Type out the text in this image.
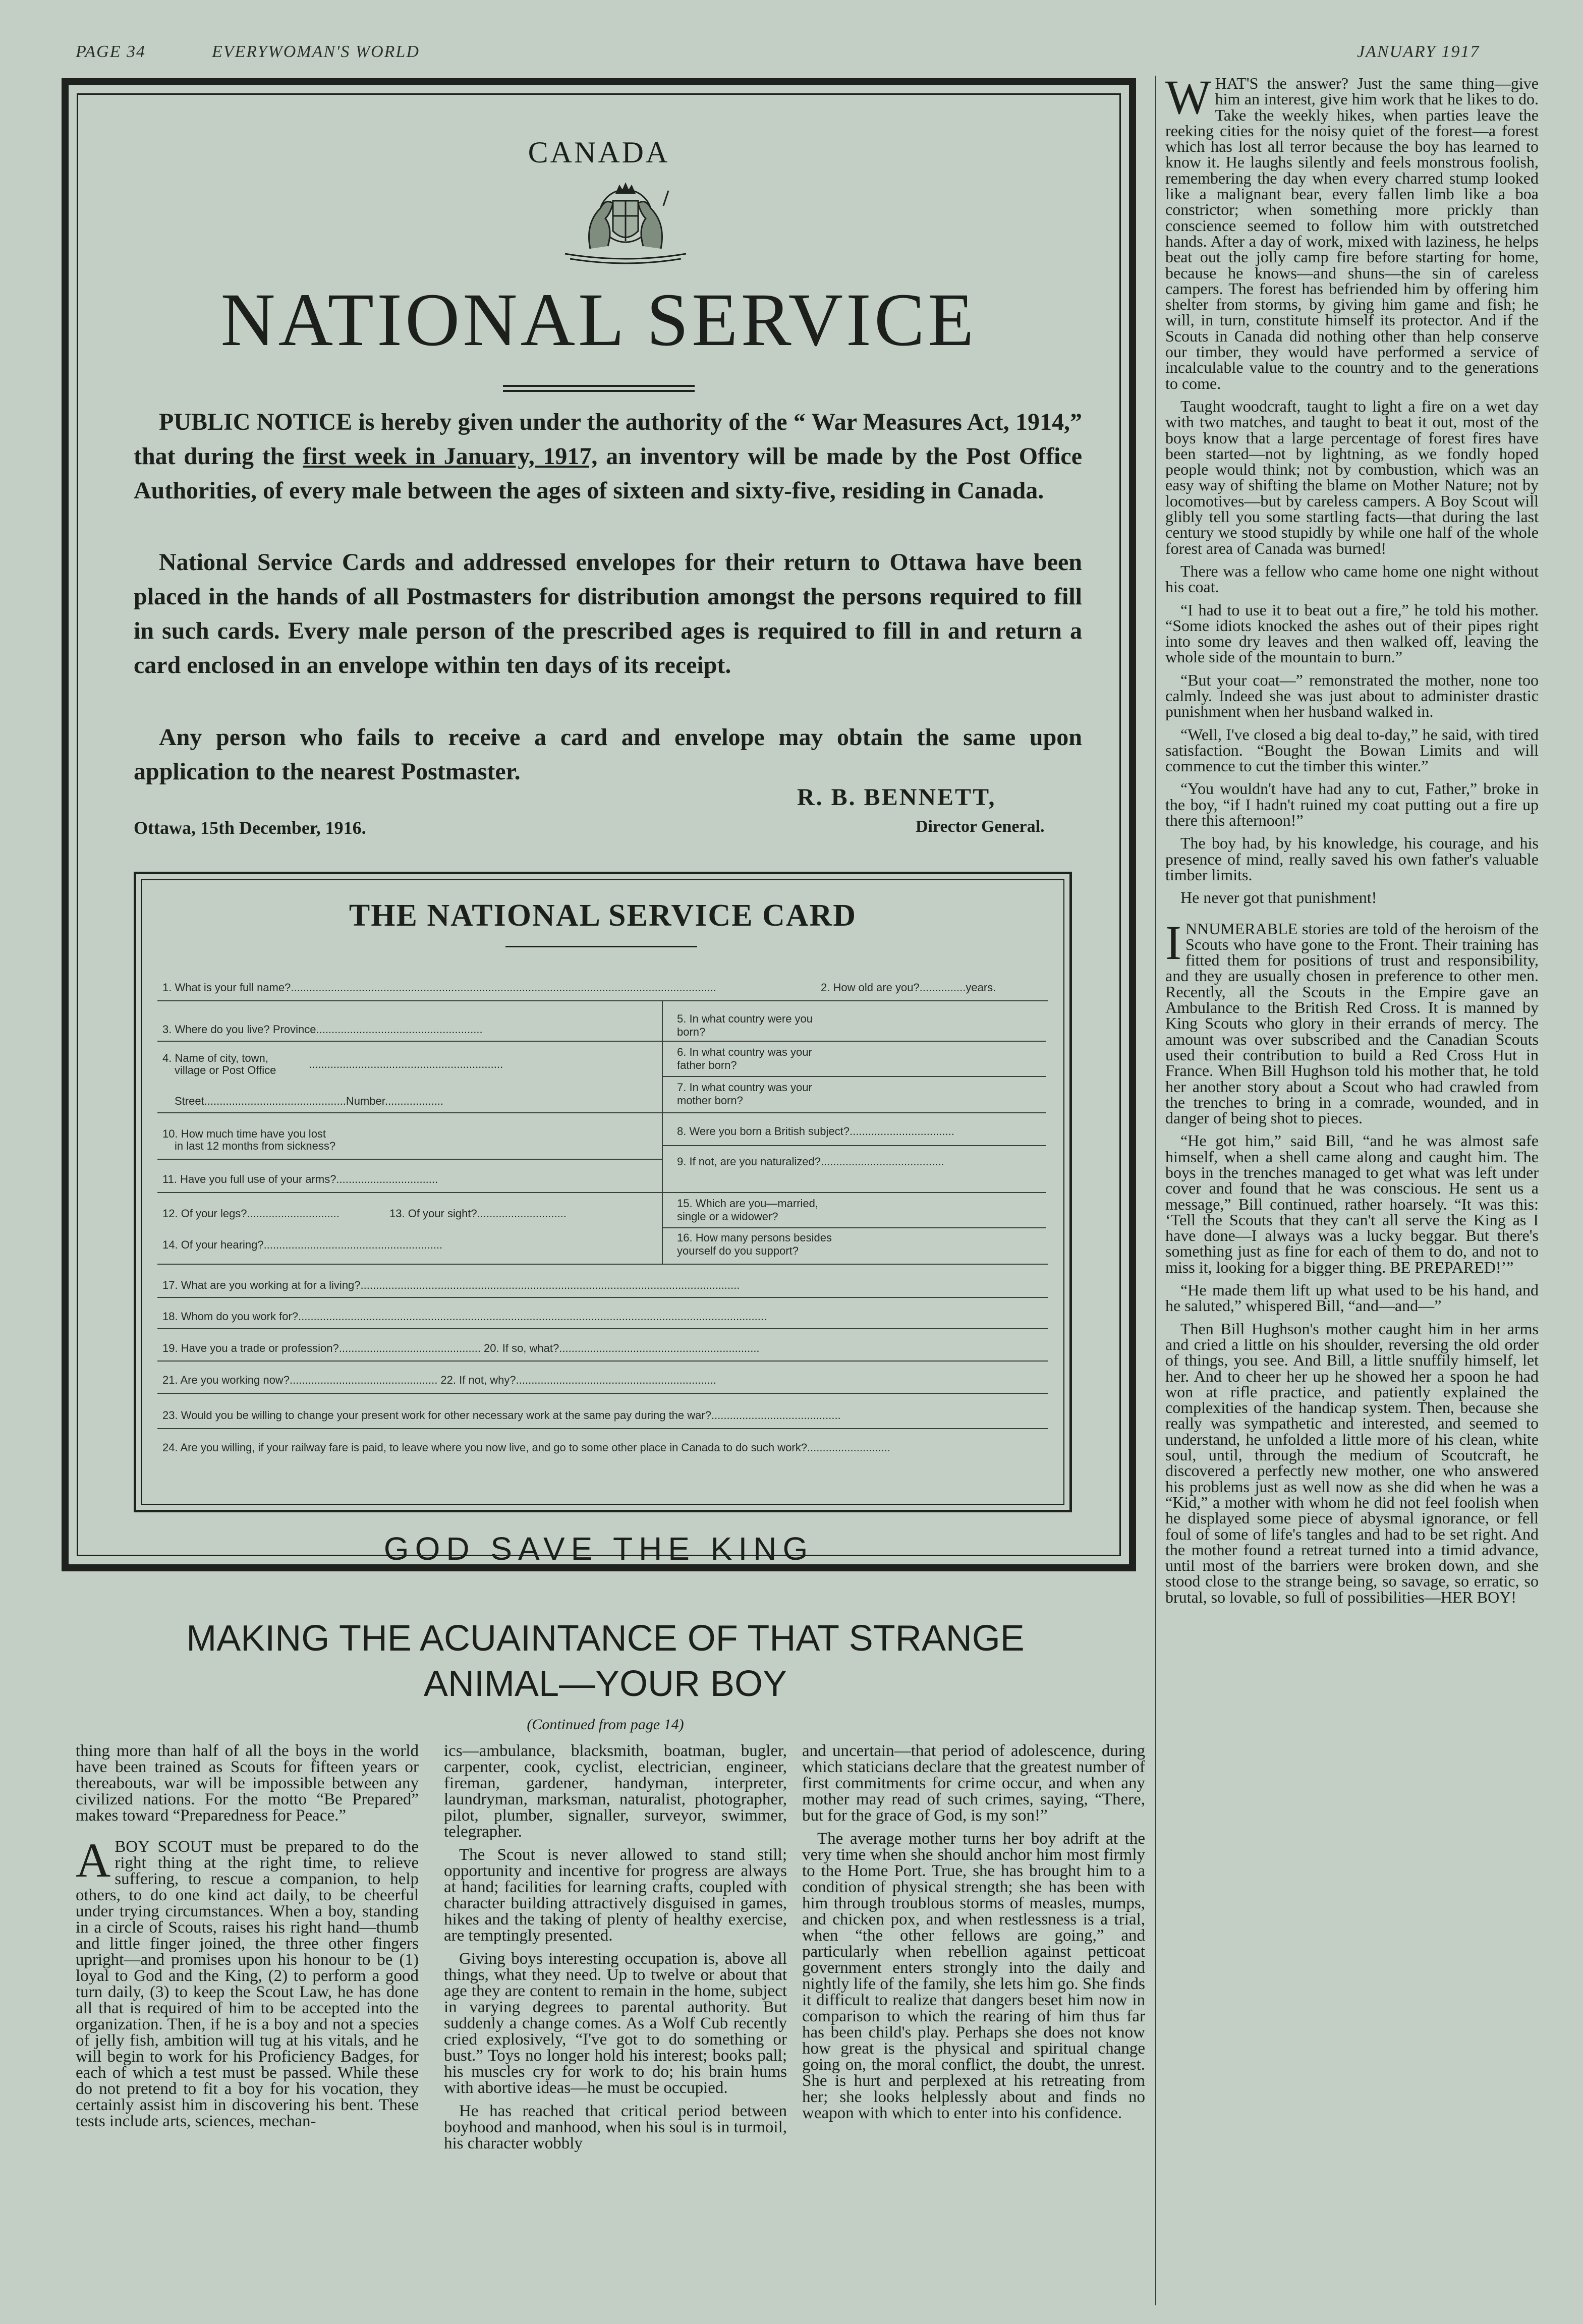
PAGE 34	EVERYWOMAN'S WORLD	JANUARY 1917
CANADA
NATIONAL SERVICE
PUBLIC NOTICE is hereby given under the authority of the “ War Measures Act, 1914,” that during the first week in January, 1917, an inventory will be made by the Post Office Authorities, of every male between the ages of sixteen and sixty-five, residing in Canada.
National Service Cards and addressed envelopes for their return to Ottawa have been placed in the hands of all Postmasters for distribution amongst the persons required to fill in such cards. Every male person of the prescribed ages is required to fill in and return a card enclosed in an envelope within ten days of its receipt.
Any person who fails to receive a card and envelope may obtain the same upon application to the nearest Postmaster.
R. B. BENNETT,
Director General.
Ottawa, 15th December, 1916.
THE NATIONAL SERVICE CARD
1. What is your full name?..........................................................................................................................................	2. How old are you?...............years.
3. Where do you live? Province......................................................
4. Name of city, town,
village or Post Office	...............................................................
Street..............................................Number...................
10. How much time have you lost
in last 12 months from sickness?
11. Have you full use of your arms?.................................
12. Of your legs?..............................	13. Of your sight?.............................
14. Of your hearing?..........................................................
5. In what country were you born?
6. In what country was your father born?
7. In what country was your mother born?
8. Were you born a British subject?..................................
9. If not, are you naturalized?........................................
15. Which are you—married, single or a widower?
16. How many persons besides yourself do you support?
17. What are you working at for a living?...........................................................................................................................
18. Whom do you work for?........................................................................................................................................................
19. Have you a trade or profession?.............................................. 20. If so, what?.................................................................
21. Are you working now?................................................ 22. If not, why?.................................................................
23. Would you be willing to change your present work for other necessary work at the same pay during the war?..........................................
24. Are you willing, if your railway fare is paid, to leave where you now live, and go to some other place in Canada to do such work?...........................
GOD SAVE THE KING
MAKING THE ACUAINTANCE OF THAT STRANGE
ANIMAL—YOUR BOY
(Continued from page 14)

thing more than half of all the boys in the world have been trained as Scouts for fifteen years or thereabouts, war will be impossible between any civilized nations. For the motto “Be Prepared” makes toward “Preparedness for Peace.”

ABOY SCOUT must be prepared to do the right thing at the right time, to relieve suffering, to rescue a companion, to help others, to do one kind act daily, to be cheerful under trying circumstances. When a boy, standing in a circle of Scouts, raises his right hand—thumb and little finger joined, the three other fingers upright—and promises upon his honour to be (1) loyal to God and the King, (2) to perform a good turn daily, (3) to keep the Scout Law, he has done all that is required of him to be accepted into the organization. Then, if he is a boy and not a species of jelly fish, ambition will tug at his vitals, and he will begin to work for his Proficiency Badges, for each of which a test must be passed. While these do not pretend to fit a boy for his vocation, they certainly assist him in discovering his bent. These tests include arts, sciences, mechan-

ics—ambulance, blacksmith, boatman, bugler, carpenter, cook, cyclist, electrician, engineer, fireman, gardener, handyman, interpreter, laundryman, marksman, naturalist, photographer, pilot, plumber, signaller, surveyor, swimmer, telegrapher.

The Scout is never allowed to stand still; opportunity and incentive for progress are always at hand; facilities for learning crafts, coupled with character building attractively disguised in games, hikes and the taking of plenty of healthy exercise, are temptingly presented.

Giving boys interesting occupation is, above all things, what they need. Up to twelve or about that age they are content to remain in the home, subject in varying degrees to parental authority. But suddenly a change comes. As a Wolf Cub recently cried explosively, “I've got to do something or bust.” Toys no longer hold his interest; books pall; his muscles cry for work to do; his brain hums with abortive ideas—he must be occupied.

He has reached that critical period between boyhood and manhood, when his soul is in turmoil, his character wobbly

and uncertain—that period of adolescence, during which staticians declare that the greatest number of first commitments for crime occur, and when any mother may read of such crimes, saying, “There, but for the grace of God, is my son!”

The average mother turns her boy adrift at the very time when she should anchor him most firmly to the Home Port. True, she has brought him to a condition of physical strength; she has been with him through troublous storms of measles, mumps, and chicken pox, and when restlessness is a trial, when “the other fellows are going,” and particularly when rebellion against petticoat government enters strongly into the daily and nightly life of the family, she lets him go. She finds it difficult to realize that dangers beset him now in comparison to which the rearing of him thus far has been child's play. Perhaps she does not know how great is the physical and spiritual change going on, the moral conflict, the doubt, the unrest. She is hurt and perplexed at his retreating from her; she looks helplessly about and finds no weapon with which to enter into his confidence.

WHAT'S the answer? Just the same thing—give him an interest, give him work that he likes to do. Take the weekly hikes, when parties leave the reeking cities for the noisy quiet of the forest—a forest which has lost all terror because the boy has learned to know it. He laughs silently and feels monstrous foolish, remembering the day when every charred stump looked like a malignant bear, every fallen limb like a boa constrictor; when something more prickly than conscience seemed to follow him with outstretched hands. After a day of work, mixed with laziness, he helps beat out the jolly camp fire before starting for home, because he knows—and shuns—the sin of careless campers. The forest has befriended him by offering him shelter from storms, by giving him game and fish; he will, in turn, constitute himself its protector. And if the Scouts in Canada did nothing other than help conserve our timber, they would have performed a service of incalculable value to the country and to the generations to come.

Taught woodcraft, taught to light a fire on a wet day with two matches, and taught to beat it out, most of the boys know that a large percentage of forest fires have been started—not by lightning, as we fondly hoped people would think; not by combustion, which was an easy way of shifting the blame on Mother Nature; not by locomotives—but by careless campers. A Boy Scout will glibly tell you some startling facts—that during the last century we stood stupidly by while one half of the whole forest area of Canada was burned!

There was a fellow who came home one night without his coat.

“I had to use it to beat out a fire,” he told his mother. “Some idiots knocked the ashes out of their pipes right into some dry leaves and then walked off, leaving the whole side of the mountain to burn.”

“But your coat—” remonstrated the mother, none too calmly. Indeed she was just about to administer drastic punishment when her husband walked in.

“Well, I've closed a big deal to-day,” he said, with tired satisfaction. “Bought the Bowan Limits and will commence to cut the timber this winter.”

“You wouldn't have had any to cut, Father,” broke in the boy, “if I hadn't ruined my coat putting out a fire up there this afternoon!”

The boy had, by his knowledge, his courage, and his presence of mind, really saved his own father's valuable timber limits.

He never got that punishment!

INNUMERABLE stories are told of the heroism of the Scouts who have gone to the Front. Their training has fitted them for positions of trust and responsibility, and they are usually chosen in preference to other men. Recently, all the Scouts in the Empire gave an Ambulance to the British Red Cross. It is manned by King Scouts who glory in their errands of mercy. The amount was over subscribed and the Canadian Scouts used their contribution to build a Red Cross Hut in France. When Bill Hughson told his mother that, he told her another story about a Scout who had crawled from the trenches to bring in a comrade, wounded, and in danger of being shot to pieces.

“He got him,” said Bill, “and he was almost safe himself, when a shell came along and caught him. The boys in the trenches managed to get what was left under cover and found that he was conscious. He sent us a message,” Bill continued, rather hoarsely. “It was this: ‘Tell the Scouts that they can't all serve the King as I have done—I always was a lucky beggar. But there's something just as fine for each of them to do, and not to miss it, looking for a bigger thing. BE PREPARED!’”

“He made them lift up what used to be his hand, and he saluted,” whispered Bill, “and—and—”

Then Bill Hughson's mother caught him in her arms and cried a little on his shoulder, reversing the old order of things, you see. And Bill, a little snuffily himself, let her. And to cheer her up he showed her a spoon he had won at rifle practice, and patiently explained the complexities of the handicap system. Then, because she really was sympathetic and interested, and seemed to understand, he unfolded a little more of his clean, white soul, until, through the medium of Scoutcraft, he discovered a perfectly new mother, one who answered his problems just as well now as she did when he was a “Kid,” a mother with whom he did not feel foolish when he displayed some piece of abysmal ignorance, or fell foul of some of life's tangles and had to be set right. And the mother found a retreat turned into a timid advance, until most of the barriers were broken down, and she stood close to the strange being, so savage, so erratic, so brutal, so lovable, so full of possibilities—HER BOY!
